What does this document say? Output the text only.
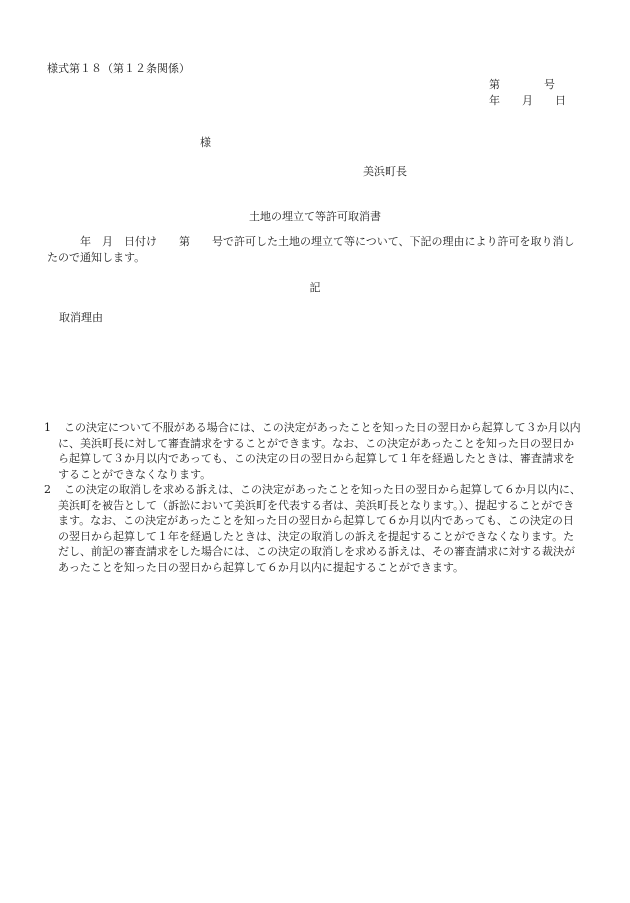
様式第１８（第１２条関係）
第　　　　号
年　　月　　日
様
美浜町長
土地の埋立て等許可取消書
年　月　日付け　　第　　号で許可した土地の埋立て等について、下記の理由により許可を取り消したので通知します。
記
取消理由
1	この決定について不服がある場合には、この決定があったことを知った日の翌日から起算して３か月以内に、美浜町長に対して審査請求をすることができます。なお、この決定があったことを知った日の翌日から起算して３か月以内であっても、この決定の日の翌日から起算して１年を経過したときは、審査請求をすることができなくなります。
2	この決定の取消しを求める訴えは、この決定があったことを知った日の翌日から起算して６か月以内に、美浜町を被告として（訴訟において美浜町を代表する者は、美浜町長となります。）、提起することができます。なお、この決定があったことを知った日の翌日から起算して６か月以内であっても、この決定の日の翌日から起算して１年を経過したときは、決定の取消しの訴えを提起することができなくなります。ただし、前記の審査請求をした場合には、この決定の取消しを求める訴えは、その審査請求に対する裁決があったことを知った日の翌日から起算して６か月以内に提起することができます。
